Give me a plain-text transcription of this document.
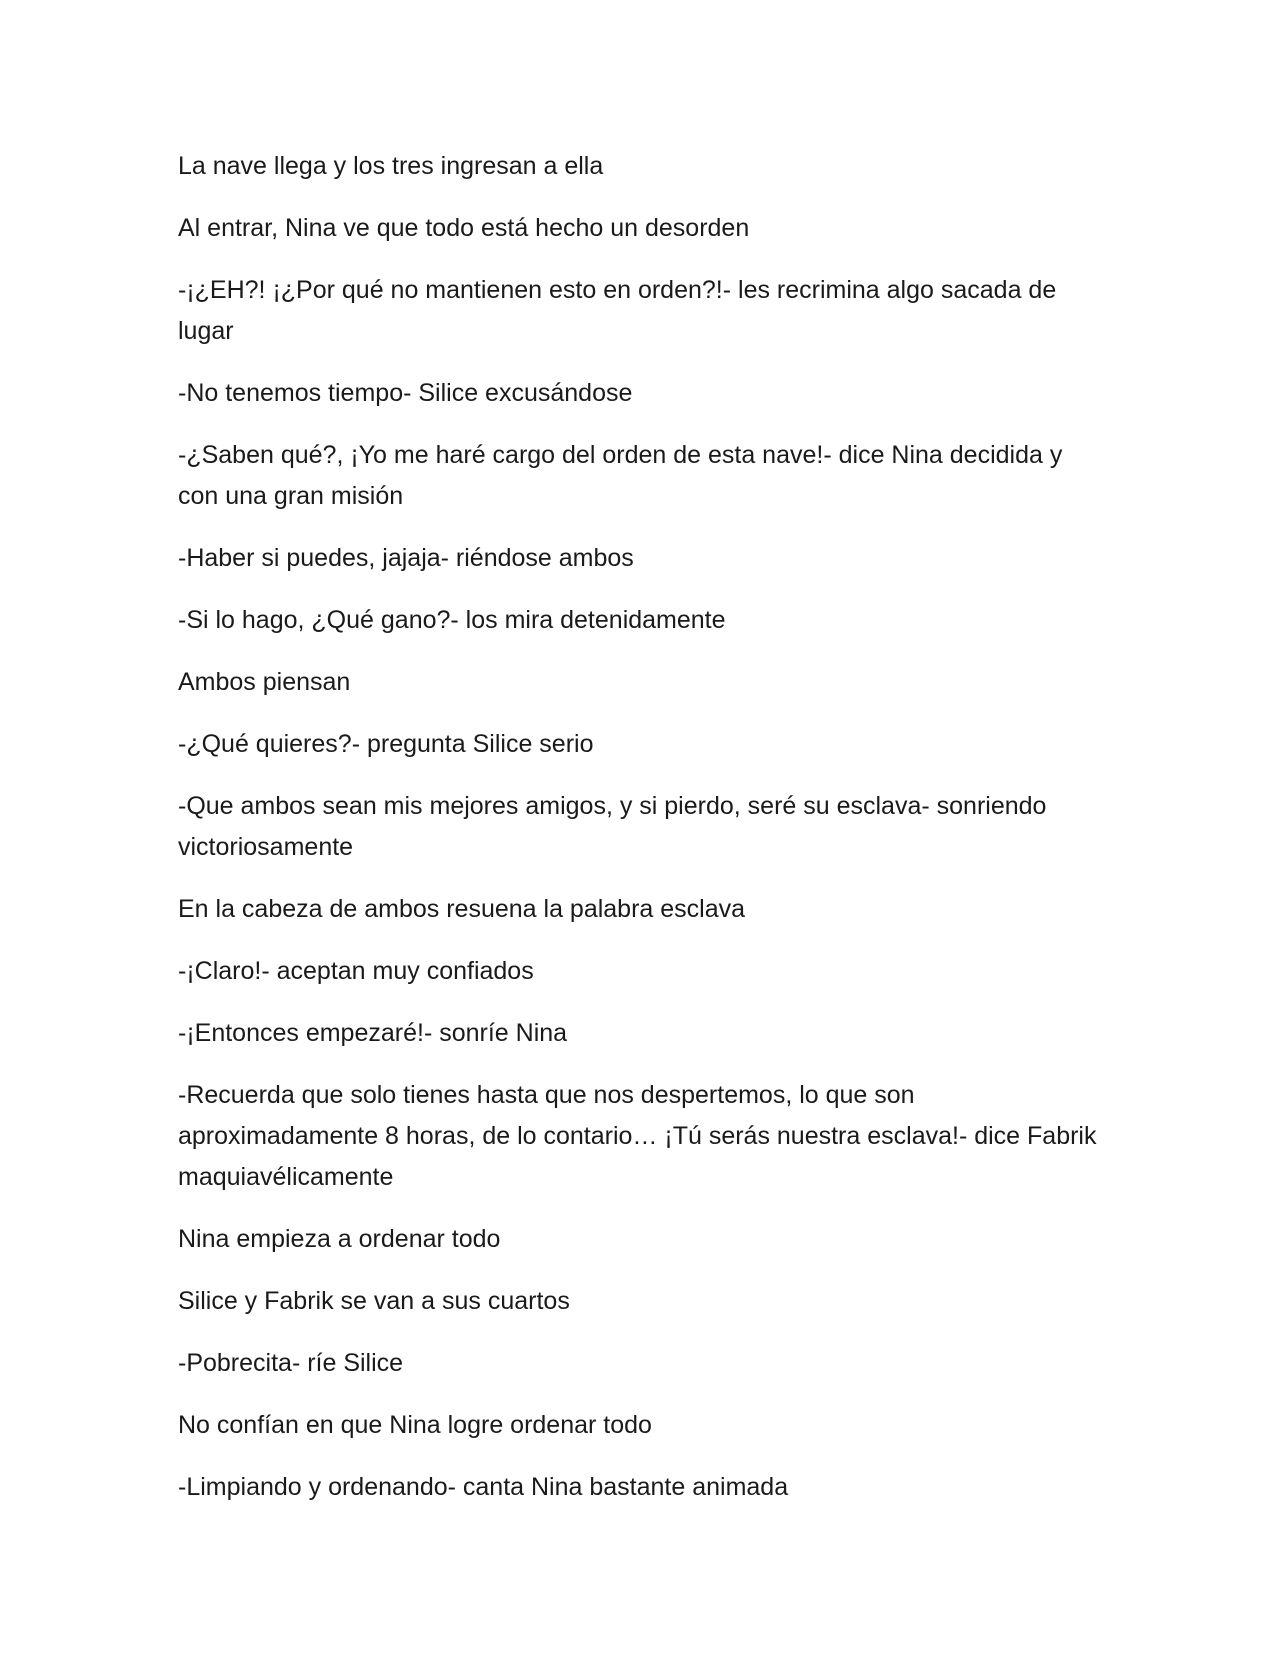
La nave llega y los tres ingresan a ella

Al entrar, Nina ve que todo está hecho un desorden

-¡¿EH?! ¡¿Por qué no mantienen esto en orden?!- les recrimina algo sacada de lugar

-No tenemos tiempo- Silice excusándose

-¿Saben qué?, ¡Yo me haré cargo del orden de esta nave!- dice Nina decidida y con una gran misión

-Haber si puedes, jajaja- riéndose ambos

-Si lo hago, ¿Qué gano?- los mira detenidamente

Ambos piensan

-¿Qué quieres?- pregunta Silice serio

-Que ambos sean mis mejores amigos, y si pierdo, seré su esclava- sonriendo victoriosamente

En la cabeza de ambos resuena la palabra esclava

-¡Claro!- aceptan muy confiados

-¡Entonces empezaré!- sonríe Nina

-Recuerda que solo tienes hasta que nos despertemos, lo que son aproximadamente 8 horas, de lo contario… ¡Tú serás nuestra esclava!- dice Fabrik maquiavélicamente

Nina empieza a ordenar todo

Silice y Fabrik se van a sus cuartos

-Pobrecita- ríe Silice

No confían en que Nina logre ordenar todo

-Limpiando y ordenando- canta Nina bastante animada
